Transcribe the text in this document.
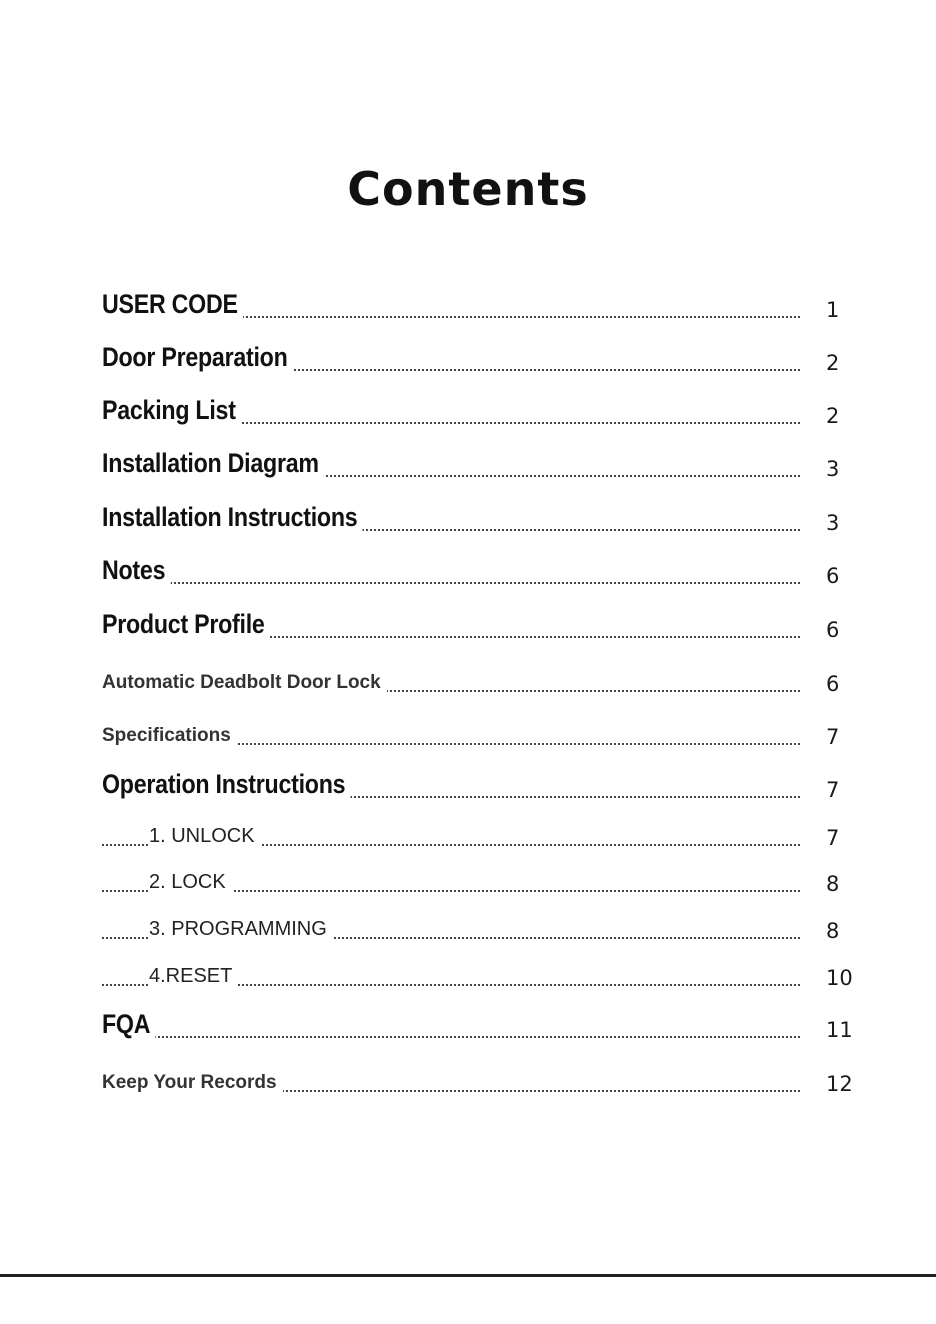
Contents
USER CODE	1
Door Preparation	2
Packing List	2
Installation Diagram	3
Installation Instructions	3
Notes	6
Product Profile	6
Automatic Deadbolt Door Lock	6
Specifications	7
Operation Instructions	7
1. UNLOCK	7
2. LOCK	8
3. PROGRAMMING	8
4.RESET	10
FQA	11
Keep Your Records	12
